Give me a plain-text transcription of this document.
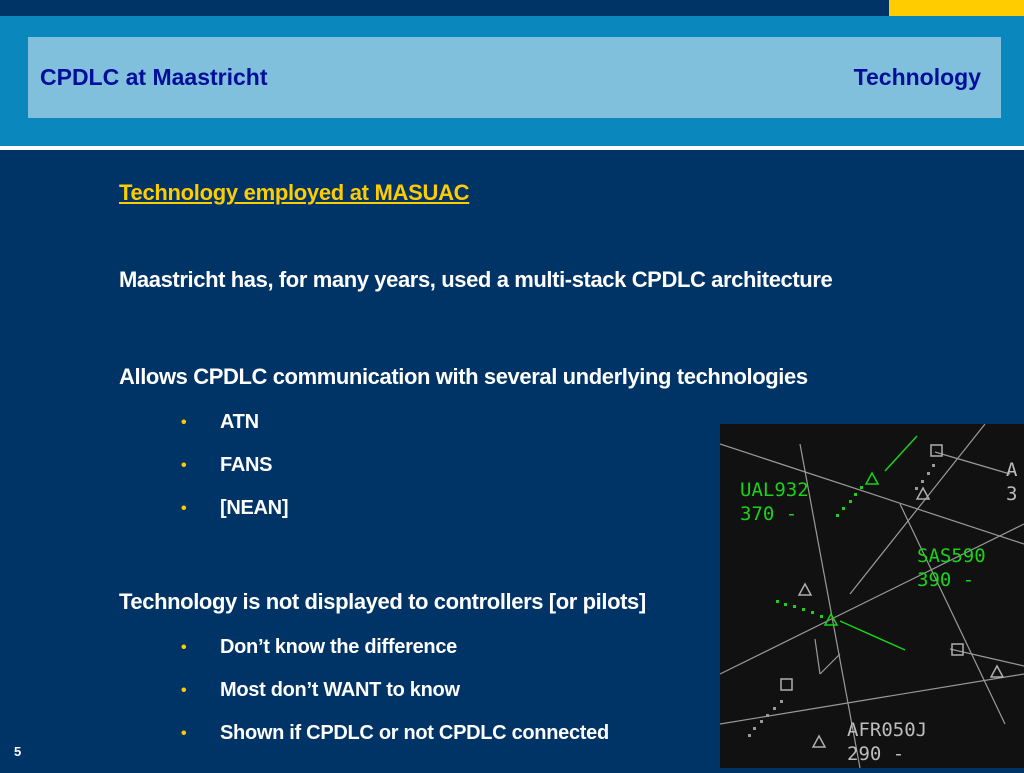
CPDLC at Maastricht	Technology
Technology employed at MASUAC
Maastricht has, for many years, used a multi-stack CPDLC architecture
Allows CPDLC communication with several underlying technologies
• ATN
• FANS
• [NEAN]
Technology is not displayed to controllers [or pilots]
• Don’t know the difference
• Most don’t WANT to know
• Shown if CPDLC or not CPDLC connected
5
UAL932
370 -
SAS590
390 -
AFR050J
290 -
A
3
